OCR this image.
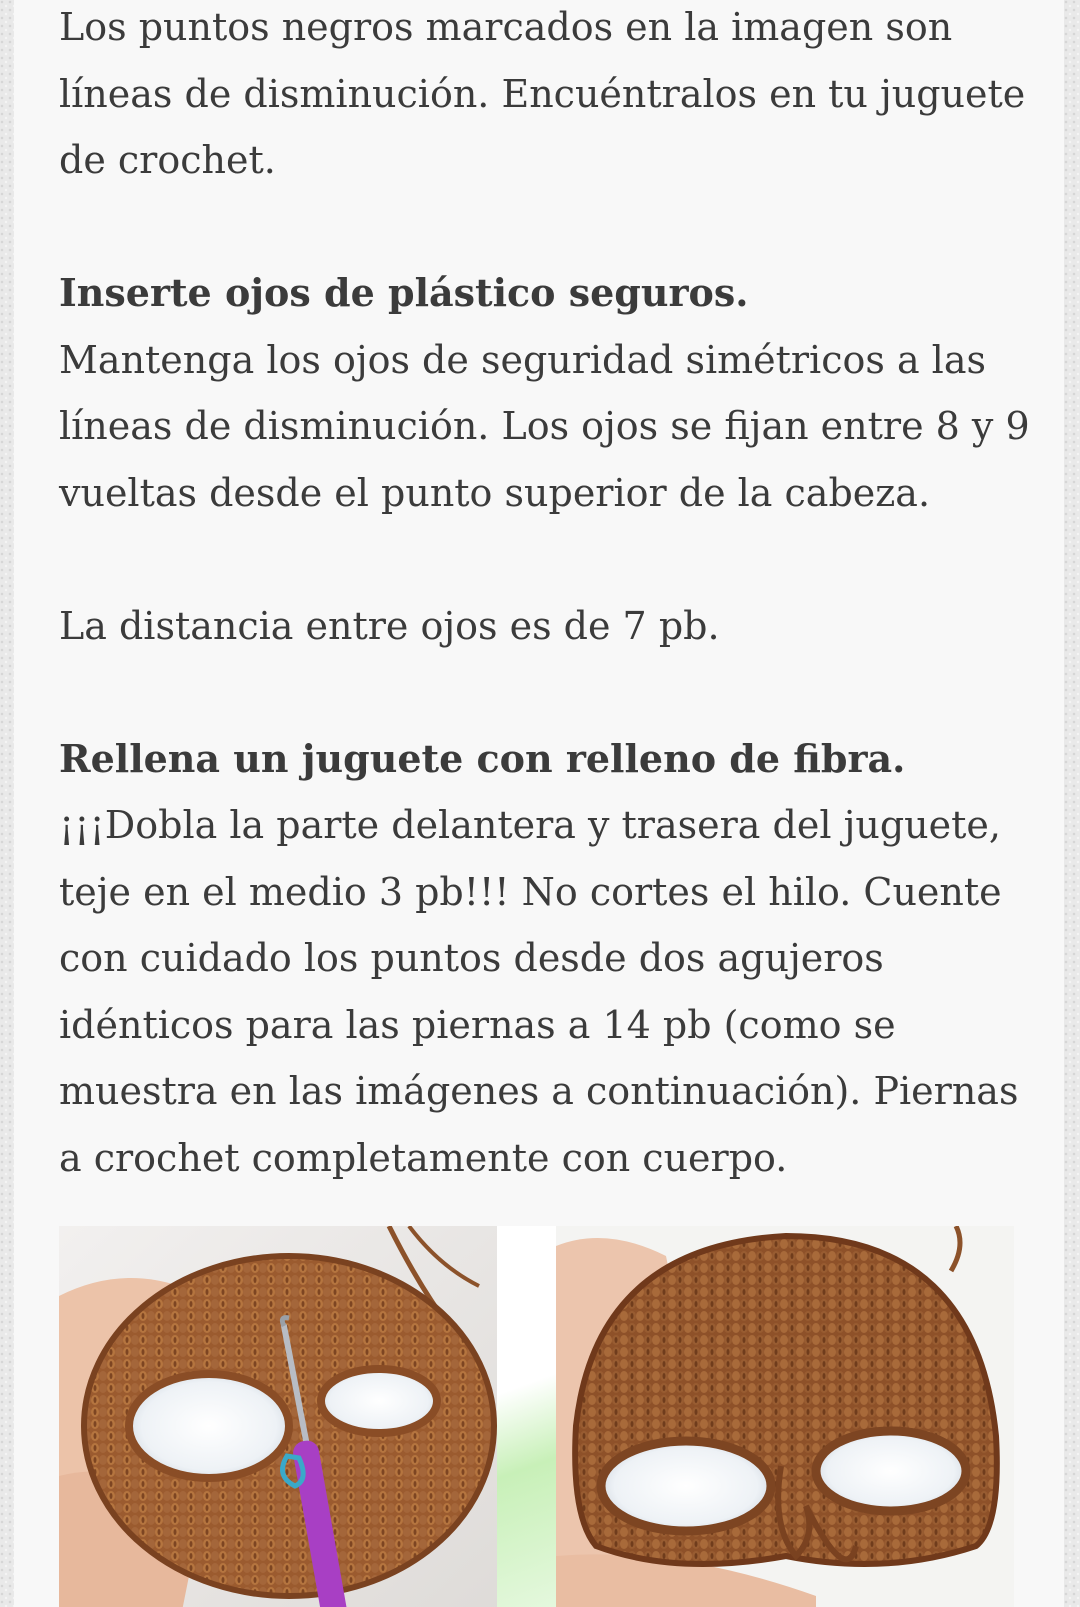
Los puntos negros marcados en la imagen son
líneas de disminución. Encuéntralos en tu juguete
de crochet.

Inserte ojos de plástico seguros.
Mantenga los ojos de seguridad simétricos a las
líneas de disminución. Los ojos se fijan entre 8 y 9
vueltas desde el punto superior de la cabeza.

La distancia entre ojos es de 7 pb.

Rellena un juguete con relleno de fibra.
¡¡¡Dobla la parte delantera y trasera del juguete,
teje en el medio 3 pb!!! No cortes el hilo. Cuente
con cuidado los puntos desde dos agujeros
idénticos para las piernas a 14 pb (como se
muestra en las imágenes a continuación). Piernas
a crochet completamente con cuerpo.
